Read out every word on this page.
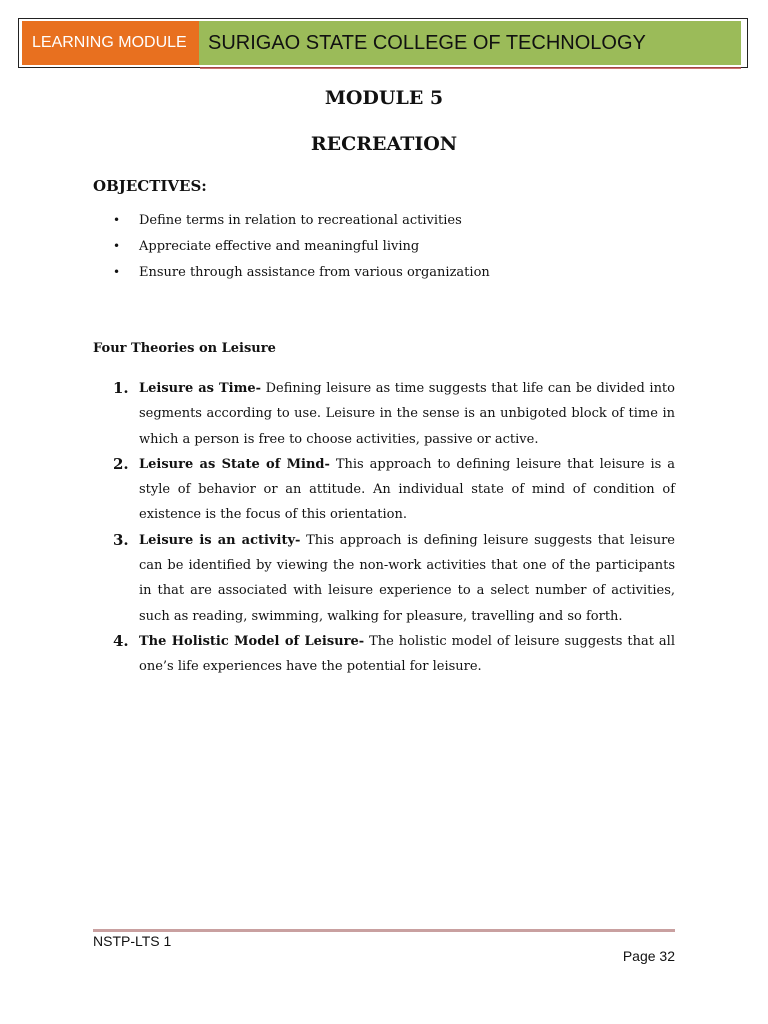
LEARNING MODULE	SURIGAO STATE COLLEGE OF TECHNOLOGY
MODULE 5
RECREATION
OBJECTIVES:
•	Define terms in relation to recreational activities
•	Appreciate effective and meaningful living
•	Ensure through assistance from various organization
Four Theories on Leisure
1. Leisure as Time- Defining leisure as time suggests that life can be divided into segments according to use. Leisure in the sense is an unbigoted block of time in which a person is free to choose activities, passive or active.
2. Leisure as State of Mind- This approach to defining leisure that leisure is a style of behavior or an attitude. An individual state of mind of condition of existence is the focus of this orientation.
3. Leisure is an activity- This approach is defining leisure suggests that leisure can be identified by viewing the non-work activities that one of the participants in that are associated with leisure experience to a select number of activities, such as reading, swimming, walking for pleasure, travelling and so forth.
4. The Holistic Model of Leisure- The holistic model of leisure suggests that all one’s life experiences have the potential for leisure.
NSTP-LTS 1
Page 32
